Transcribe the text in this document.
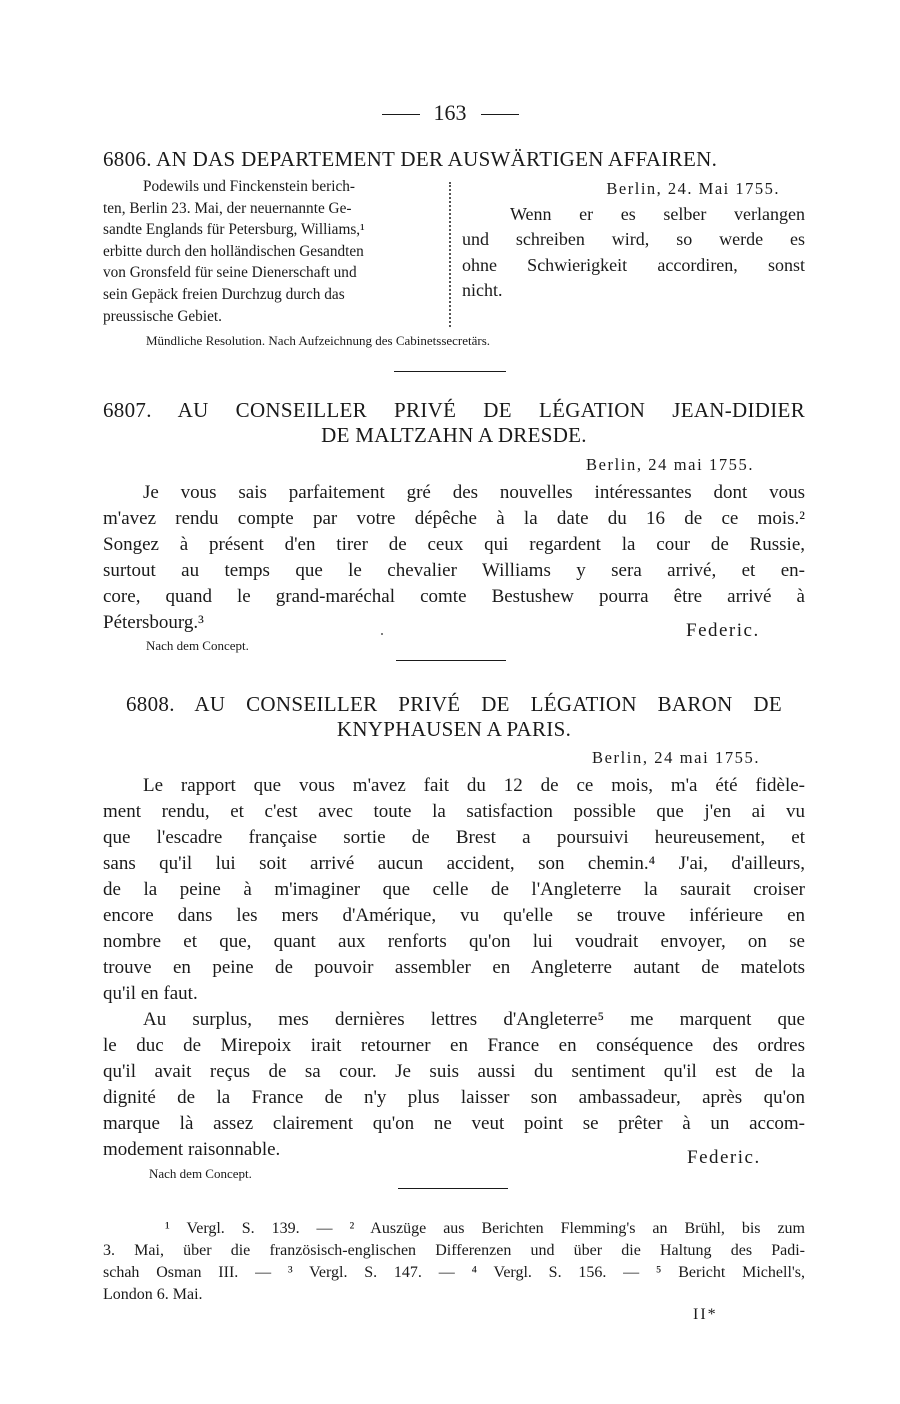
163
6806. AN DAS DEPARTEMENT DER AUSWÄRTIGEN AFFAIREN.
Podewils und Finckenstein berich-
ten, Berlin 23. Mai, der neuernannte Ge-
sandte Englands für Petersburg, Williams,¹
erbitte durch den holländischen Gesandten
von Gronsfeld für seine Dienerschaft und
sein Gepäck freien Durchzug durch das
preussische Gebiet.
Berlin, 24. Mai 1755.
Wenn er es selber verlangen
und schreiben wird, so werde es
ohne Schwierigkeit accordiren, sonst
nicht.
Mündliche Resolution. Nach Aufzeichnung des Cabinetssecretärs.
6807. AU CONSEILLER PRIVÉ DE LÉGATION JEAN-DIDIER
DE MALTZAHN A DRESDE.
Berlin, 24 mai 1755.
Je vous sais parfaitement gré des nouvelles intéressantes dont vous
m'avez rendu compte par votre dépêche à la date du 16 de ce mois.²
Songez à présent d'en tirer de ceux qui regardent la cour de Russie,
surtout au temps que le chevalier Williams y sera arrivé, et en-
core, quand le grand-maréchal comte Bestushew pourra être arrivé à
Pétersbourg.³	Federic.
Nach dem Concept.
6808. AU CONSEILLER PRIVÉ DE LÉGATION BARON DE
KNYPHAUSEN A PARIS.
Berlin, 24 mai 1755.
Le rapport que vous m'avez fait du 12 de ce mois, m'a été fidèle-
ment rendu, et c'est avec toute la satisfaction possible que j'en ai vu
que l'escadre française sortie de Brest a poursuivi heureusement, et
sans qu'il lui soit arrivé aucun accident, son chemin.⁴ J'ai, d'ailleurs,
de la peine à m'imaginer que celle de l'Angleterre la saurait croiser
encore dans les mers d'Amérique, vu qu'elle se trouve inférieure en
nombre et que, quant aux renforts qu'on lui voudrait envoyer, on se
trouve en peine de pouvoir assembler en Angleterre autant de matelots
qu'il en faut.
Au surplus, mes dernières lettres d'Angleterre⁵ me marquent que
le duc de Mirepoix irait retourner en France en conséquence des ordres
qu'il avait reçus de sa cour. Je suis aussi du sentiment qu'il est de la
dignité de la France de n'y plus laisser son ambassadeur, après qu'on
marque là assez clairement qu'on ne veut point se prêter à un accom-
modement raisonnable.	Federic.
Nach dem Concept.
¹ Vergl. S. 139. — ² Auszüge aus Berichten Flemming's an Brühl, bis zum
3. Mai, über die französisch-englischen Differenzen und über die Haltung des Padi-
schah Osman III. — ³ Vergl. S. 147. — ⁴ Vergl. S. 156. — ⁵ Bericht Michell's,
London 6. Mai.
II*
